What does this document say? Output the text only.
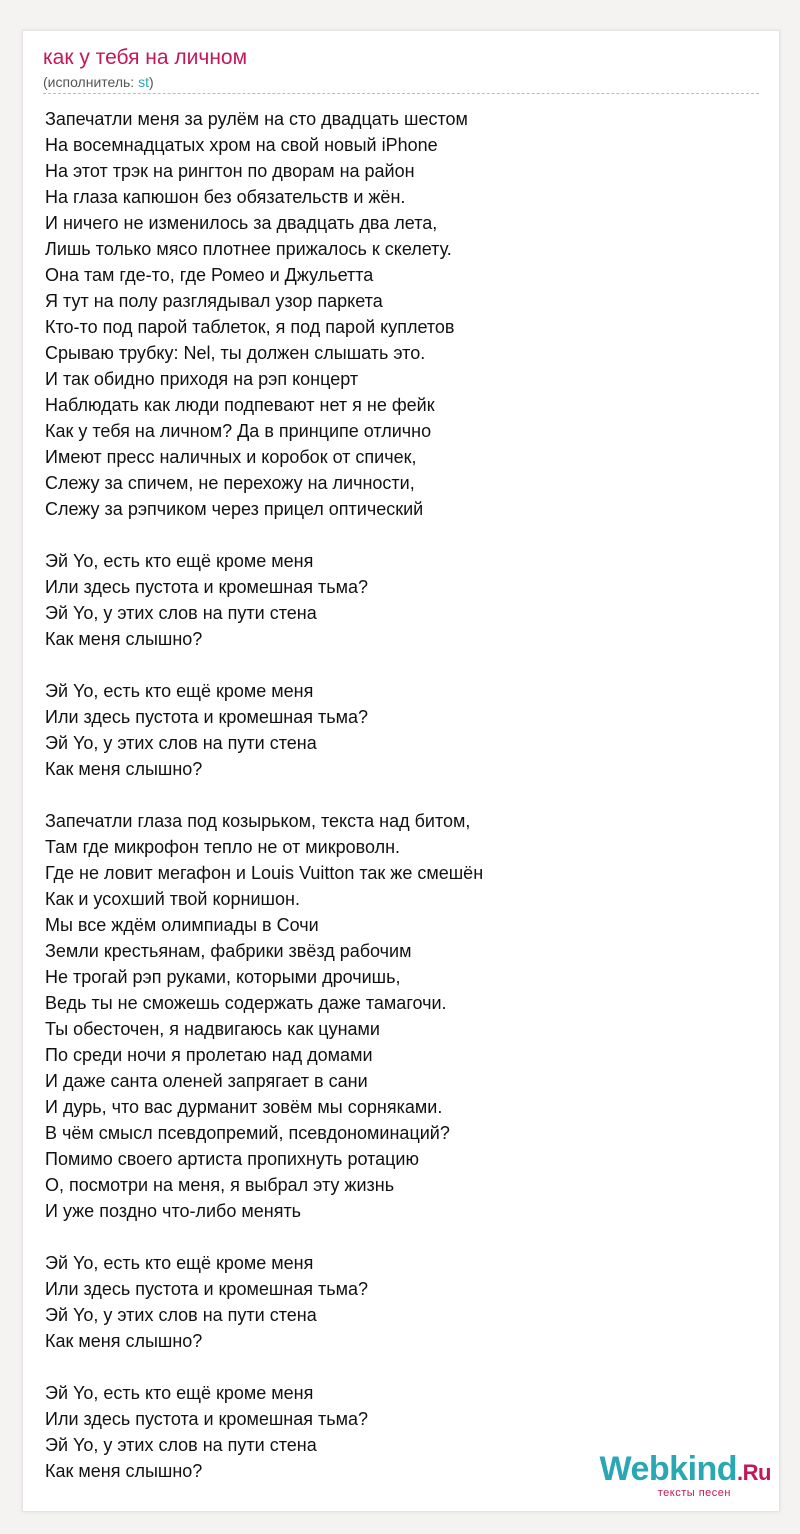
как у тебя на личном
(исполнитель: st)
Запечатли меня за рулём на сто двадцать шестом
На восемнадцатых хром на свой новый iPhone
На этот трэк на рингтон по дворам на район
На глаза капюшон без обязательств и жён.
И ничего не изменилось за двадцать два лета,
Лишь только мясо плотнее прижалось к скелету.
Она там где-то, где Ромео и Джульетта
Я тут на полу разглядывал узор паркета
Кто-то под парой таблеток, я под парой куплетов
Срываю трубку: Nel, ты должен слышать это.
И так обидно приходя на рэп концерт
Наблюдать как люди подпевают нет я не фейк
Как у тебя на личном? Да в принципе отлично
Имеют пресс наличных и коробок от спичек,
Слежу за спичем, не перехожу на личности,
Слежу за рэпчиком через прицел оптический
Эй Yo, есть кто ещё кроме меня
Или здесь пустота и кромешная тьма?
Эй Yo, у этих слов на пути стена
Как меня слышно?
Эй Yo, есть кто ещё кроме меня
Или здесь пустота и кромешная тьма?
Эй Yo, у этих слов на пути стена
Как меня слышно?
Запечатли глаза под козырьком, текста над битом,
Там где микрофон тепло не от микроволн.
Где не ловит мегафон и Louis Vuitton так же смешён
Как и усохший твой корнишон.
Мы все ждём олимпиады в Сочи
Земли крестьянам, фабрики звёзд рабочим
Не трогай рэп руками, которыми дрочишь,
Ведь ты не сможешь содержать даже тамагочи.
Ты обесточен, я надвигаюсь как цунами
По среди ночи я пролетаю над домами
И даже санта оленей запрягает в сани
И дурь, что вас дурманит зовём мы сорняками.
В чём смысл псевдопремий, псевдономинаций?
Помимо своего артиста пропихнуть ротацию
О, посмотри на меня, я выбрал эту жизнь
И уже поздно что-либо менять
Эй Yo, есть кто ещё кроме меня
Или здесь пустота и кромешная тьма?
Эй Yo, у этих слов на пути стена
Как меня слышно?
Эй Yo, есть кто ещё кроме меня
Или здесь пустота и кромешная тьма?
Эй Yo, у этих слов на пути стена
Как меня слышно?	Webkind.Ru
тексты песен
